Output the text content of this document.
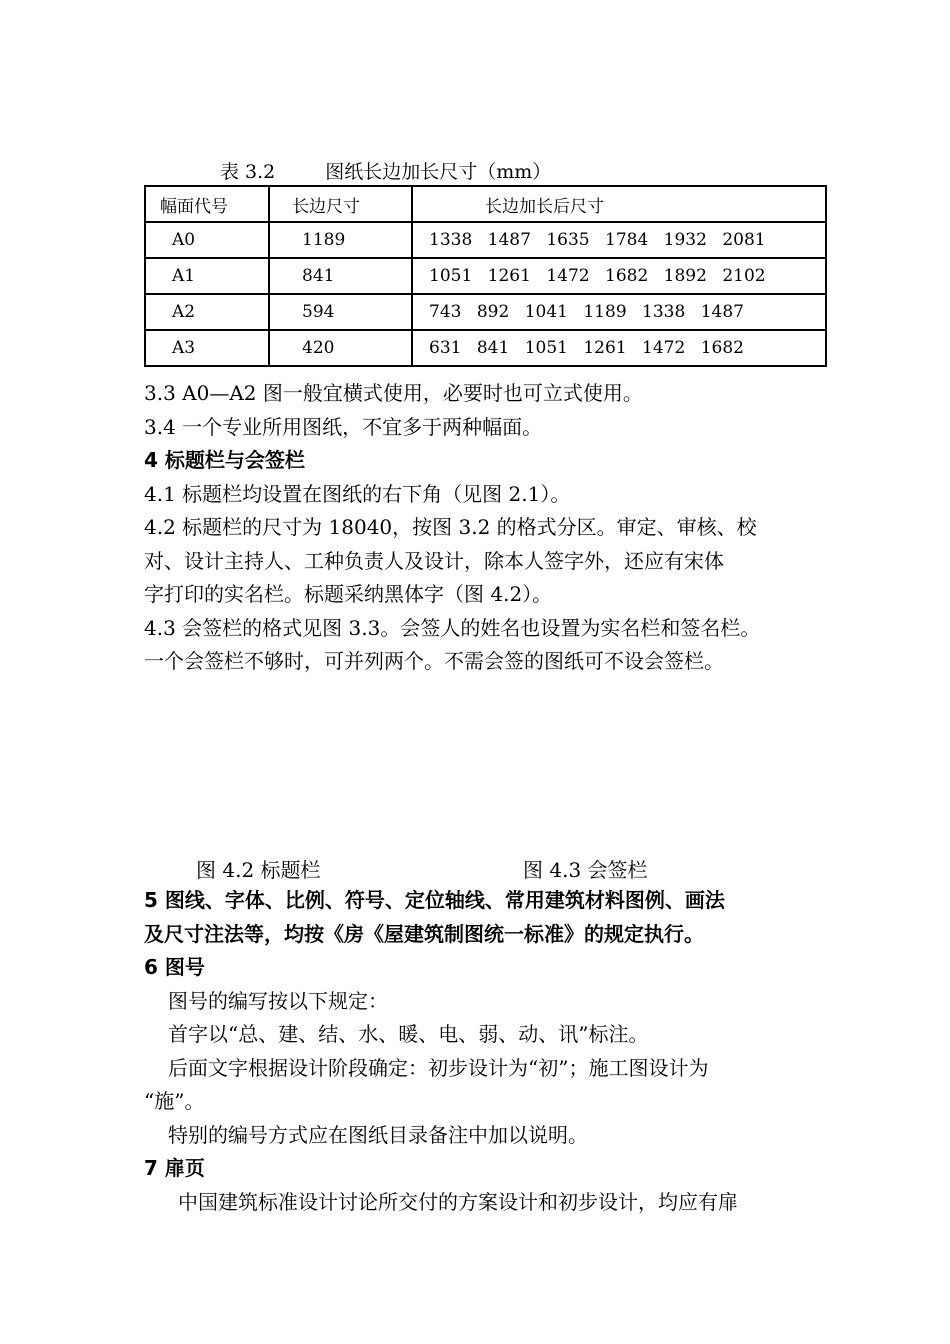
表 3.2	图纸长边加长尺寸（mm）
幅面代号	长边尺寸	长边加长后尺寸
A0	1189	1338 1487 1635 1784 1932 2081
A1	841	1051 1261 1472 1682 1892 2102
A2	594	743 892 1041 1189 1338 1487
A3	420	631 841 1051 1261 1472 1682
3.3 A0—A2 图一般宜横式使用，必要时也可立式使用。
3.4 一个专业所用图纸，不宜多于两种幅面。
4 标题栏与会签栏
4.1 标题栏均设置在图纸的右下角（见图 2.1）。
4.2 标题栏的尺寸为 18040，按图 3.2 的格式分区。审定、审核、校
对、设计主持人、工种负责人及设计，除本人签字外，还应有宋体
字打印的实名栏。标题采纳黑体字（图 4.2）。
4.3 会签栏的格式见图 3.3。会签人的姓名也设置为实名栏和签名栏。
一个会签栏不够时，可并列两个。不需会签的图纸可不设会签栏。
图 4.2 标题栏	图 4.3 会签栏
5 图线、字体、比例、符号、定位轴线、常用建筑材料图例、画法
及尺寸注法等，均按《房《屋建筑制图统一标准》的规定执行。
6 图号
图号的编写按以下规定：
首字以“总、建、结、水、暖、电、弱、动、讯”标注。
后面文字根据设计阶段确定：初步设计为“初”；施工图设计为
“施”。
特别的编号方式应在图纸目录备注中加以说明。
7 扉页
中国建筑标准设计讨论所交付的方案设计和初步设计，均应有扉
